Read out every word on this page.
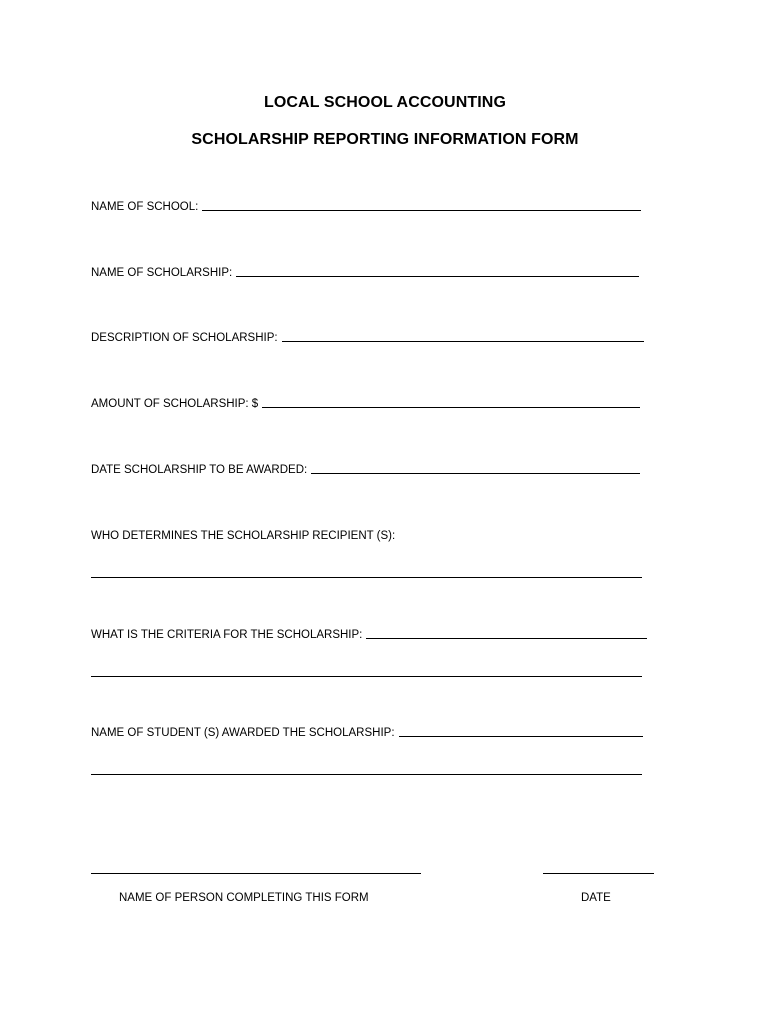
LOCAL SCHOOL ACCOUNTING
SCHOLARSHIP REPORTING INFORMATION FORM
NAME OF SCHOOL:
NAME OF SCHOLARSHIP:
DESCRIPTION OF SCHOLARSHIP:
AMOUNT OF SCHOLARSHIP: $
DATE SCHOLARSHIP TO BE AWARDED:
WHO DETERMINES THE SCHOLARSHIP RECIPIENT (S):
WHAT IS THE CRITERIA FOR THE SCHOLARSHIP:
NAME OF STUDENT (S) AWARDED THE SCHOLARSHIP:
NAME OF PERSON COMPLETING THIS FORM	DATE
